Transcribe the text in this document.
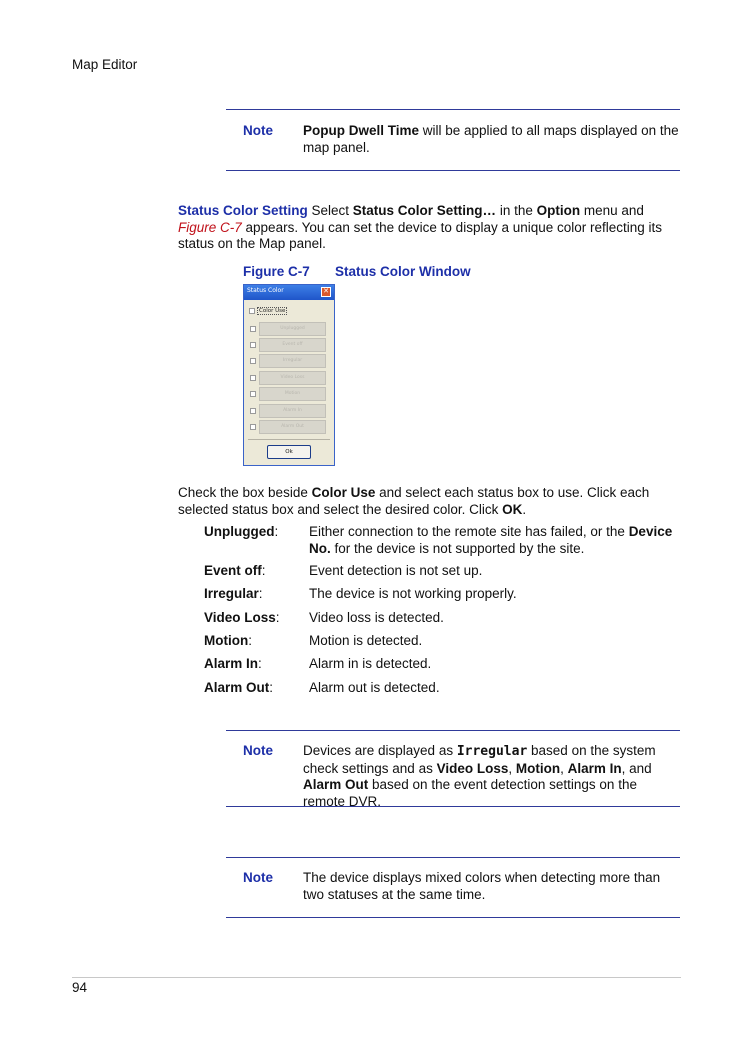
Map Editor
Note Popup Dwell Time will be applied to all maps displayed on the map panel.
Status Color Setting Select Status Color Setting… in the Option menu and Figure C-7 appears. You can set the device to display a unique color reflecting its status on the Map panel.
Figure C-7 Status Color Window
Status Color	✕
Color Use
Unplugged
Event off
Irregular
Video Loss
Motion
Alarm In
Alarm Out
Ok
Check the box beside Color Use and select each status box to use. Click each selected status box and select the desired color. Click OK.
Unplugged: Either connection to the remote site has failed, or the Device No. for the device is not supported by the site.
Event off:	Event detection is not set up.
Irregular:	The device is not working properly.
Video Loss: Video loss is detected.
Motion:	Motion is detected.
Alarm In:	Alarm in is detected.
Alarm Out:	Alarm out is detected.
Note Devices are displayed as Irregular based on the system check settings and as Video Loss, Motion, Alarm In, and Alarm Out based on the event detection settings on the remote DVR.
Note The device displays mixed colors when detecting more than two statuses at the same time.
94
